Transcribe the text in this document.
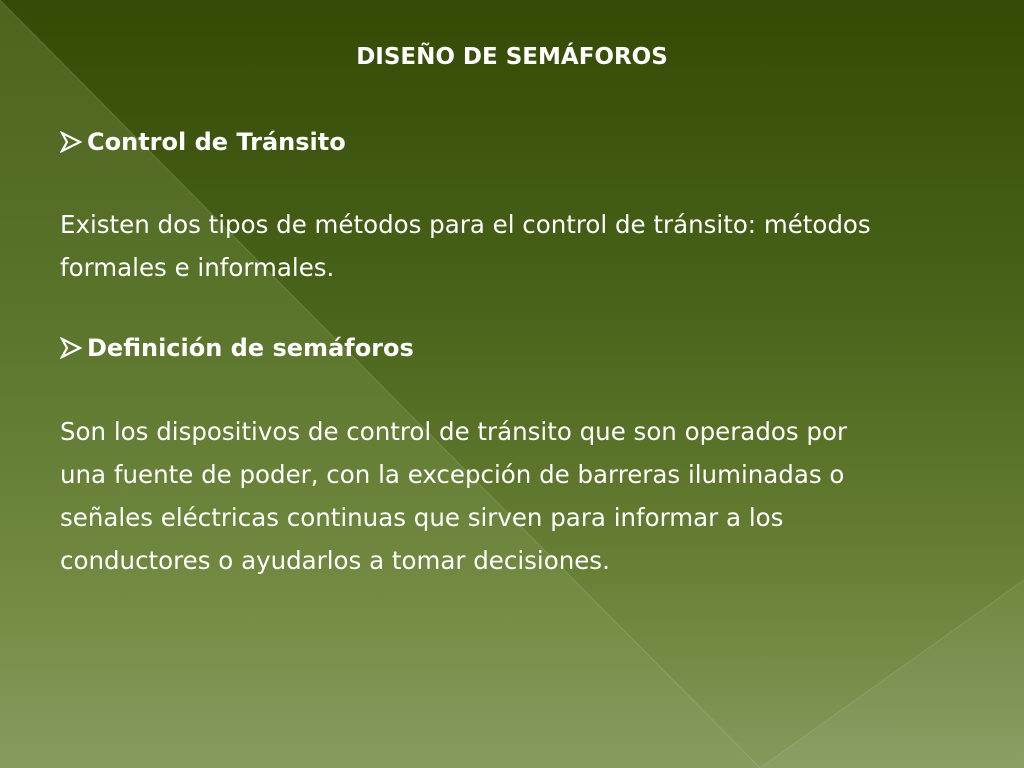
DISEÑO DE SEMÁFOROS
Control de Tránsito
Existen dos tipos de métodos para el control de tránsito: métodos
formales e informales.
Definición de semáforos
Son los dispositivos de control de tránsito que son operados por
una fuente de poder, con la excepción de barreras iluminadas o
señales eléctricas continuas que sirven para informar a los
conductores o ayudarlos a tomar decisiones.
